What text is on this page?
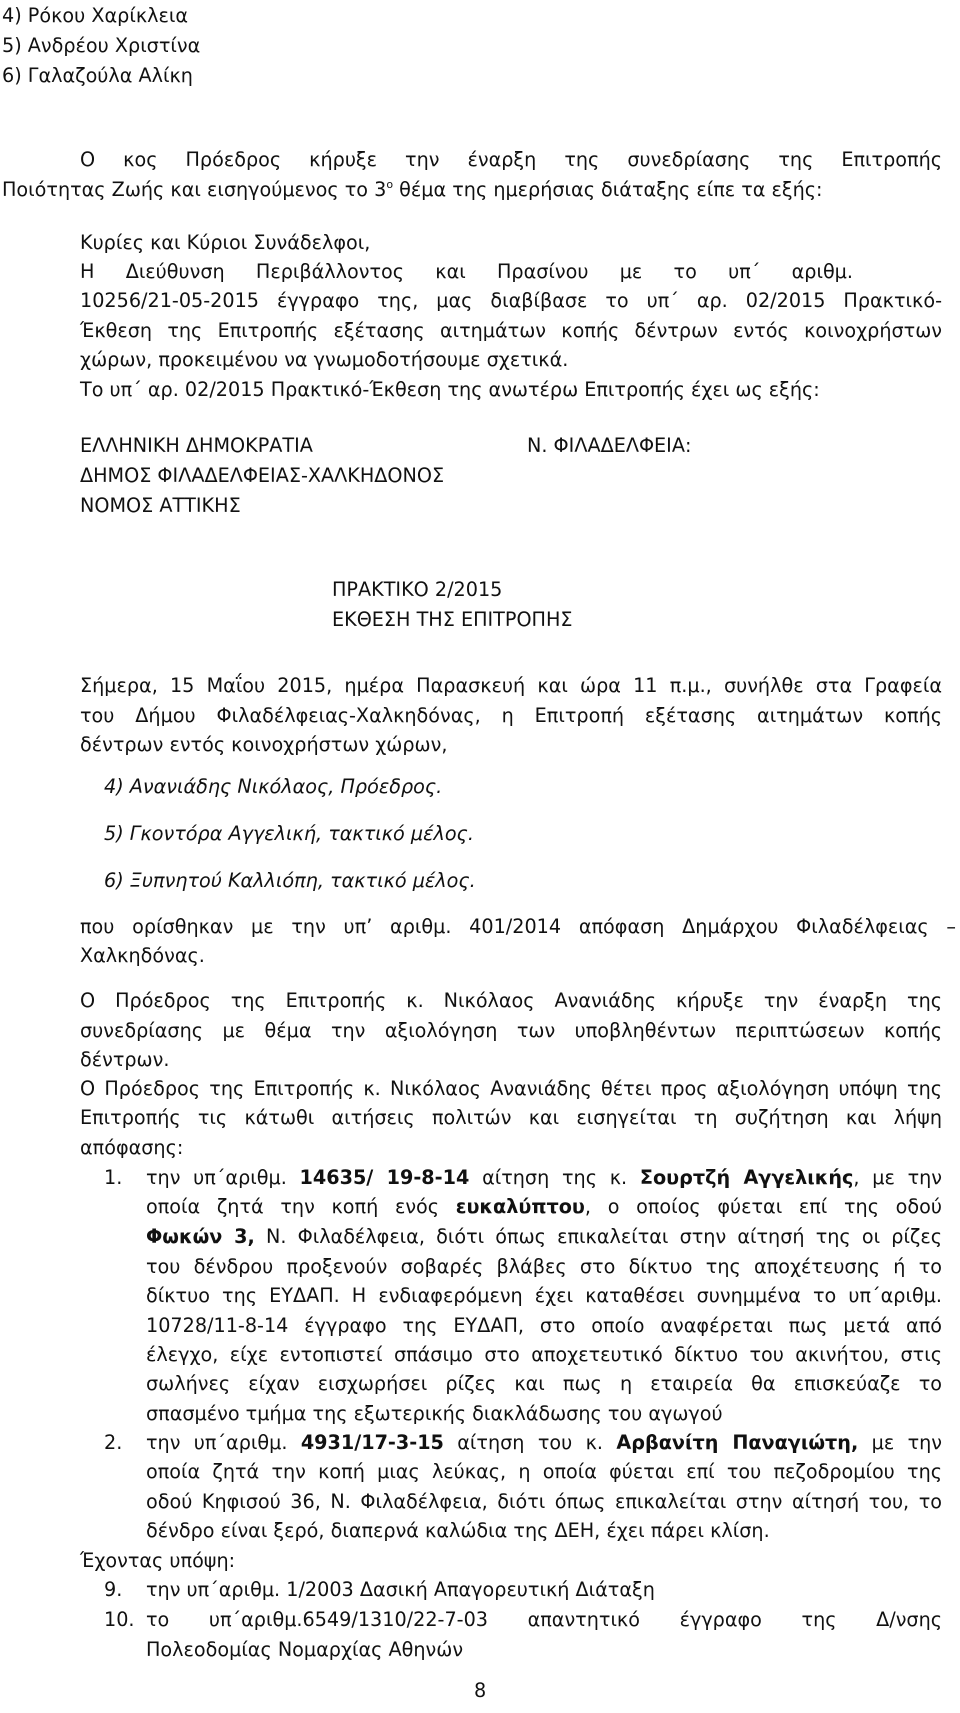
4) Ρόκου Χαρίκλεια
5) Ανδρέου Χριστίνα
6) Γαλαζούλα Αλίκη
Ο κος Πρόεδρος κήρυξε την έναρξη της συνεδρίασης της Επιτροπής
Ποιότητας Ζωής και εισηγούμενος το $3^o$ θέμα της ημερήσιας διάταξης είπε τα εξής:
Κυρίες και Κύριοι Συνάδελφοι,
Η Διεύθυνση Περιβάλλοντος και Πρασίνου με το υπ΄ αριθμ.
10256/21-05-2015 έγγραφο της, μας διαβίβασε το υπ΄ αρ. 02/2015 Πρακτικό-
Έκθεση της Επιτροπής εξέτασης αιτημάτων κοπής δέντρων εντός κοινοχρήστων
χώρων, προκειμένου να γνωμοδοτήσουμε σχετικά.
Το υπ΄ αρ. 02/2015 Πρακτικό-Έκθεση της ανωτέρω Επιτροπής έχει ως εξής:
ΕΛΛΗΝΙΚΗ ΔΗΜΟΚΡΑΤΙΑ
ΔΗΜΟΣ ΦΙΛΑΔΕΛΦΕΙΑΣ-ΧΑΛΚΗΔΟΝΟΣ
ΝΟΜΟΣ ΑΤΤΙΚΗΣ
Ν. ΦΙΛΑΔΕΛΦΕΙΑ:
ΠΡΑΚΤΙΚΟ 2/2015
ΕΚΘΕΣΗ ΤΗΣ ΕΠΙΤΡΟΠΗΣ
Σήμερα, 15 Μαΐου 2015, ημέρα Παρασκευή και ώρα 11 π.μ., συνήλθε στα Γραφεία
του Δήμου Φιλαδέλφειας-Χαλκηδόνας, η Επιτροπή εξέτασης αιτημάτων κοπής
δέντρων εντός κοινοχρήστων χώρων,
4) Ανανιάδης Νικόλαος, Πρόεδρος.
5) Γκοντόρα Αγγελική, τακτικό μέλος.
6) Ξυπνητού Καλλιόπη, τακτικό μέλος.
που ορίσθηκαν με την υπ’ αριθμ. 401/2014 απόφαση Δημάρχου Φιλαδέλφειας –
Χαλκηδόνας.
Ο Πρόεδρος της Επιτροπής κ. Νικόλαος Ανανιάδης κήρυξε την έναρξη της
συνεδρίασης με θέμα την αξιολόγηση των υποβληθέντων περιπτώσεων κοπής
δέντρων.
Ο Πρόεδρος της Επιτροπής κ. Νικόλαος Ανανιάδης θέτει προς αξιολόγηση υπόψη της
Επιτροπής τις κάτωθι αιτήσεις πολιτών και εισηγείται τη συζήτηση και λήψη
απόφασης:
1. την υπ΄αριθμ. 14635/ 19-8-14 αίτηση της κ. Σουρτζή Αγγελικής, με την
οποία ζητά την κοπή ενός ευκαλύπτου, ο οποίος φύεται επί της οδού
Φωκών 3, Ν. Φιλαδέλφεια, διότι όπως επικαλείται στην αίτησή της οι ρίζες
του δένδρου προξενούν σοβαρές βλάβες στο δίκτυο της αποχέτευσης ή το
δίκτυο της ΕΥΔΑΠ. Η ενδιαφερόμενη έχει καταθέσει συνημμένα το υπ΄αριθμ.
10728/11-8-14 έγγραφο της ΕΥΔΑΠ, στο οποίο αναφέρεται πως μετά από
έλεγχο, είχε εντοπιστεί σπάσιμο στο αποχετευτικό δίκτυο του ακινήτου, στις
σωλήνες είχαν εισχωρήσει ρίζες και πως η εταιρεία θα επισκεύαζε το
σπασμένο τμήμα της εξωτερικής διακλάδωσης του αγωγού
2. την υπ΄αριθμ. 4931/17-3-15 αίτηση του κ. Αρβανίτη Παναγιώτη, με την
οποία ζητά την κοπή μιας λεύκας, η οποία φύεται επί του πεζοδρομίου της
οδού Κηφισού 36, Ν. Φιλαδέλφεια, διότι όπως επικαλείται στην αίτησή του, το
δένδρο είναι ξερό, διαπερνά καλώδια της ΔΕΗ, έχει πάρει κλίση.
Έχοντας υπόψη:
9. την υπ΄αριθμ. 1/2003 Δασική Απαγορευτική Διάταξη
10. το υπ΄αριθμ.6549/1310/22-7-03 απαντητικό έγγραφο της Δ/νσης
Πολεοδομίας Νομαρχίας Αθηνών
8
